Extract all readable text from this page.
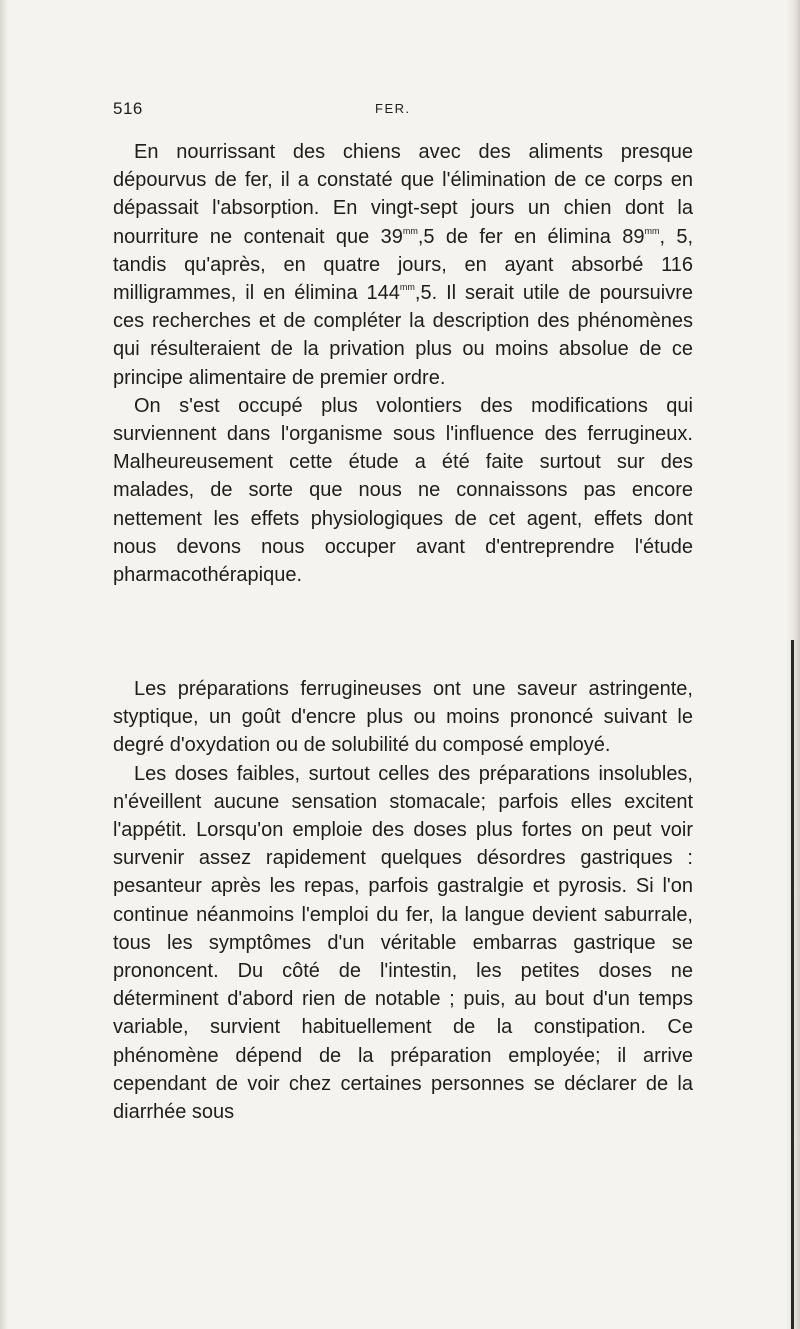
516	FER.

En nourrissant des chiens avec des aliments presque dépourvus de fer, il a constaté que l'élimination de ce corps en dépassait l'absorption. En vingt-sept jours un chien dont la nourriture ne contenait que $39^{mm},5$ de fer en élimina $89^{mm}$, 5, tandis qu'après, en quatre jours, en ayant absorbé 116 milligrammes, il en élimina $144^{mm},5$. Il serait utile de poursuivre ces recherches et de compléter la description des phénomènes qui résulteraient de la privation plus ou moins absolue de ce principe alimentaire de premier ordre.

On s'est occupé plus volontiers des modifications qui surviennent dans l'organisme sous l'influence des ferrugineux. Malheureusement cette étude a été faite surtout sur des malades, de sorte que nous ne connaissons pas encore nettement les effets physiologiques de cet agent, effets dont nous devons nous occuper avant d'entreprendre l'étude pharmacothérapique.

Les préparations ferrugineuses ont une saveur astringente, styptique, un goût d'encre plus ou moins prononcé suivant le degré d'oxydation ou de solubilité du composé employé.

Les doses faibles, surtout celles des préparations insolubles, n'éveillent aucune sensation stomacale; parfois elles excitent l'appétit. Lorsqu'on emploie des doses plus fortes on peut voir survenir assez rapidement quelques désordres gastriques : pesanteur après les repas, parfois gastralgie et pyrosis. Si l'on continue néanmoins l'emploi du fer, la langue devient saburrale, tous les symptômes d'un véritable embarras gastrique se prononcent. Du côté de l'intestin, les petites doses ne déterminent d'abord rien de notable ; puis, au bout d'un temps variable, survient habituellement de la constipation. Ce phénomène dépend de la préparation employée; il arrive cependant de voir chez certaines personnes se déclarer de la diarrhée sous
